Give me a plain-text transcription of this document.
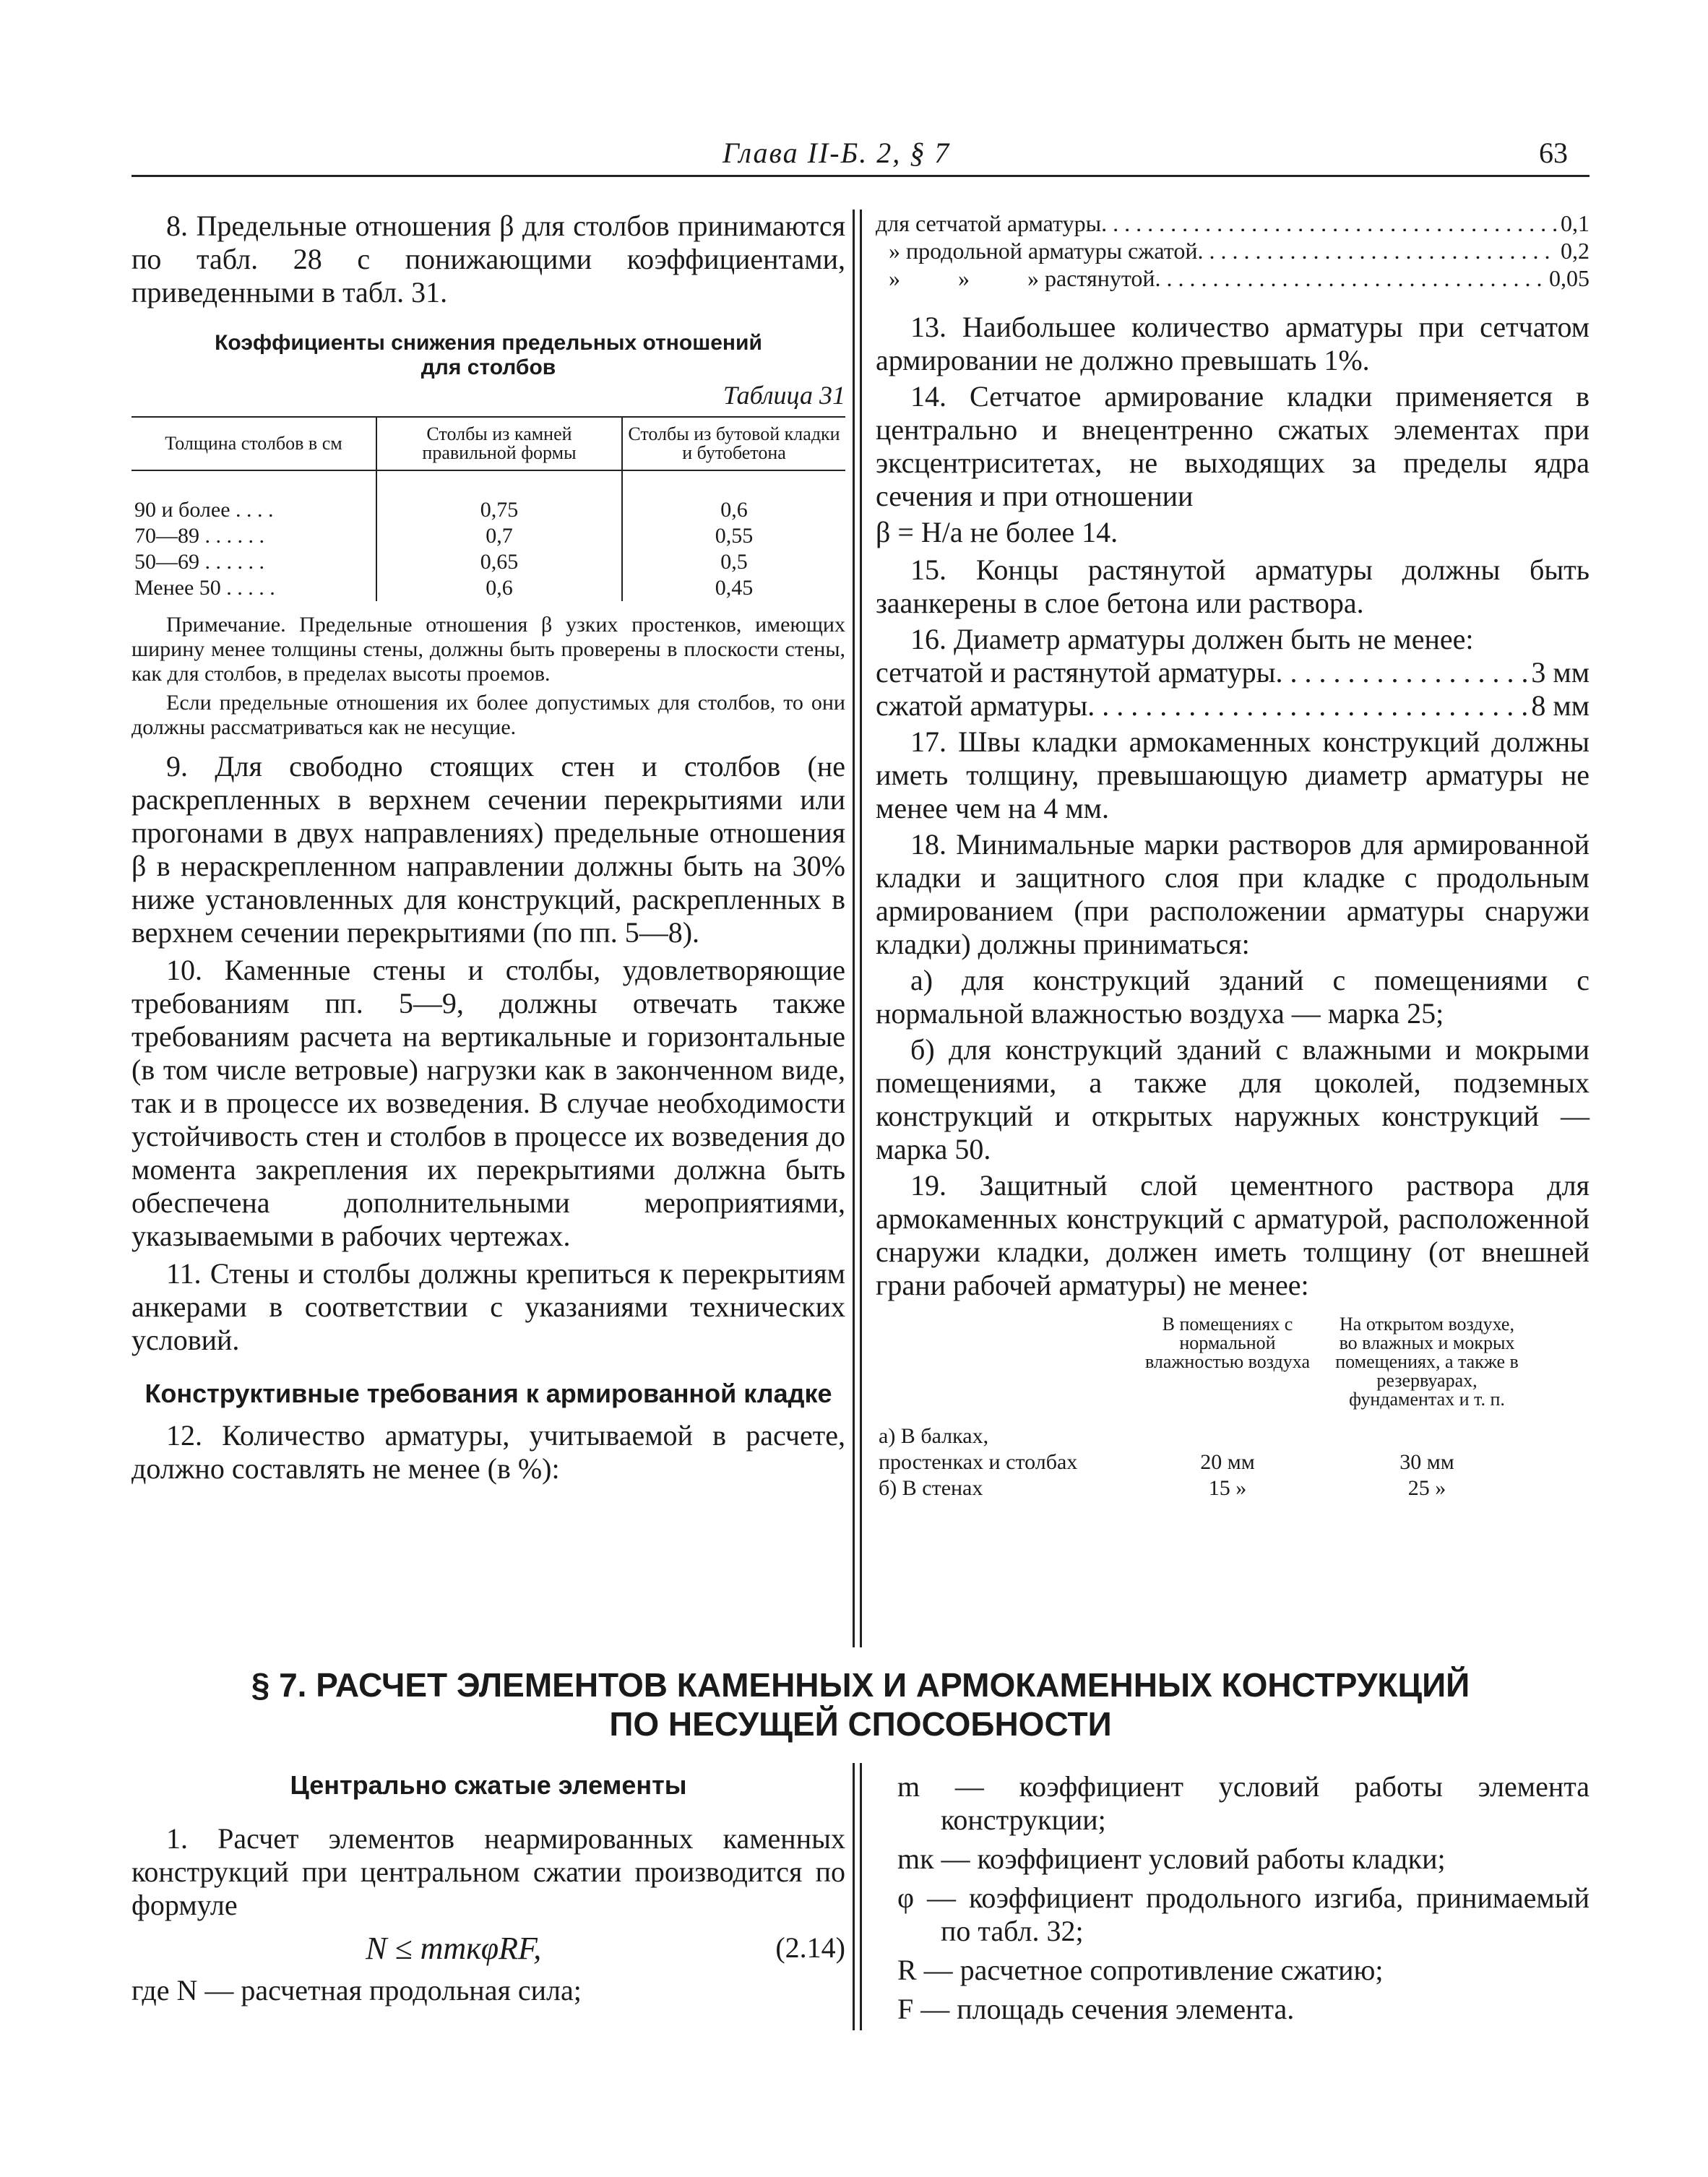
Глава II-Б. 2, § 7	63

8. Предельные отношения β для столбов принимаются по табл. 28 с понижающими коэффициентами, приведенными в табл. 31.

Коэффициенты снижения предельных отношений
для столбов
Таблица 31
Толщина столбов в см	Столбы из камней правильной формы	Столбы из бутовой кладки и бутобетона

90 и более . . . .	0,75	0,6
70—89 . . . . . .	0,7	0,55
50—69 . . . . . .	0,65	0,5
Менее 50 . . . . .	0,6	0,45

Примечание. Предельные отношения β узких простенков, имеющих ширину менее толщины стены, должны быть проверены в плоскости стены, как для столбов, в пределах высоты проемов.

Если предельные отношения их более допустимых для столбов, то они должны рассматриваться как не несущие.

9. Для свободно стоящих стен и столбов (не раскрепленных в верхнем сечении перекрытиями или прогонами в двух направлениях) предельные отношения β в нераскрепленном направлении должны быть на 30% ниже установленных для конструкций, раскрепленных в верхнем сечении перекрытиями (по пп. 5—8).

10. Каменные стены и столбы, удовлетворяющие требованиям пп. 5—9, должны отвечать также требованиям расчета на вертикальные и горизонтальные (в том числе ветровые) нагрузки как в законченном виде, так и в процессе их возведения. В случае необходимости устойчивость стен и столбов в процессе их возведения до момента закрепления их перекрытиями должна быть обеспечена дополнительными мероприятиями, указываемыми в рабочих чертежах.

11. Стены и столбы должны крепиться к перекрытиям анкерами в соответствии с указаниями технических условий.

Конструктивные требования к армированной кладке

12. Количество арматуры, учитываемой в расчете, должно составлять не менее (в %):

для сетчатой арматуры . . .	0,1
» продольной арматуры сжатой . . .	0,2
»          »          » растянутой . . .	0,05

13. Наибольшее количество арматуры при сетчатом армировании не должно превышать 1%.

14. Сетчатое армирование кладки применяется в центрально и внецентренно сжатых элементах при эксцентриситетах, не выходящих за пределы ядра сечения и при отношении

β = H/a не более 14.

15. Концы растянутой арматуры должны быть заанкерены в слое бетона или раствора.

16. Диаметр арматуры должен быть не менее:

сетчатой и растянутой арматуры . . .	3 мм
сжатой арматуры . . .	8 мм

17. Швы кладки армокаменных конструкций должны иметь толщину, превышающую диаметр арматуры не менее чем на 4 мм.

18. Минимальные марки растворов для армированной кладки и защитного слоя при кладке с продольным армированием (при расположении арматуры снаружи кладки) должны приниматься:

а) для конструкций зданий с помещениями с нормальной влажностью воздуха — марка 25;

б) для конструкций зданий с влажными и мокрыми помещениями, а также для цоколей, подземных конструкций и открытых наружных конструкций — марка 50.

19. Защитный слой цементного раствора для армокаменных конструкций с арматурой, расположенной снаружи кладки, должен иметь толщину (от внешней грани рабочей арматуры) не менее:

	В помещениях с нормальной влажностью воздуха	На открытом воздухе, во влажных и мокрых помещениях, а также в резервуарах, фундаментах и т. п.

а) В балках, простенках и столбах	20 мм	30 мм
б) В стенах	15 »	25 »
§ 7. РАСЧЕТ ЭЛЕМЕНТОВ КАМЕННЫХ И АРМОКАМЕННЫХ КОНСТРУКЦИЙ
ПО НЕСУЩЕЙ СПОСОБНОСТИ
Центрально сжатые элементы

1. Расчет элементов неармированных каменных конструкций при центральном сжатии производится по формуле

N ≤ mmкφRF,	(2.14)

где N — расчетная продольная сила;

m — коэффициент условий работы элемента конструкции;

mк — коэффициент условий работы кладки;

φ — коэффициент продольного изгиба, принимаемый по табл. 32;

R — расчетное сопротивление сжатию;

F — площадь сечения элемента.
